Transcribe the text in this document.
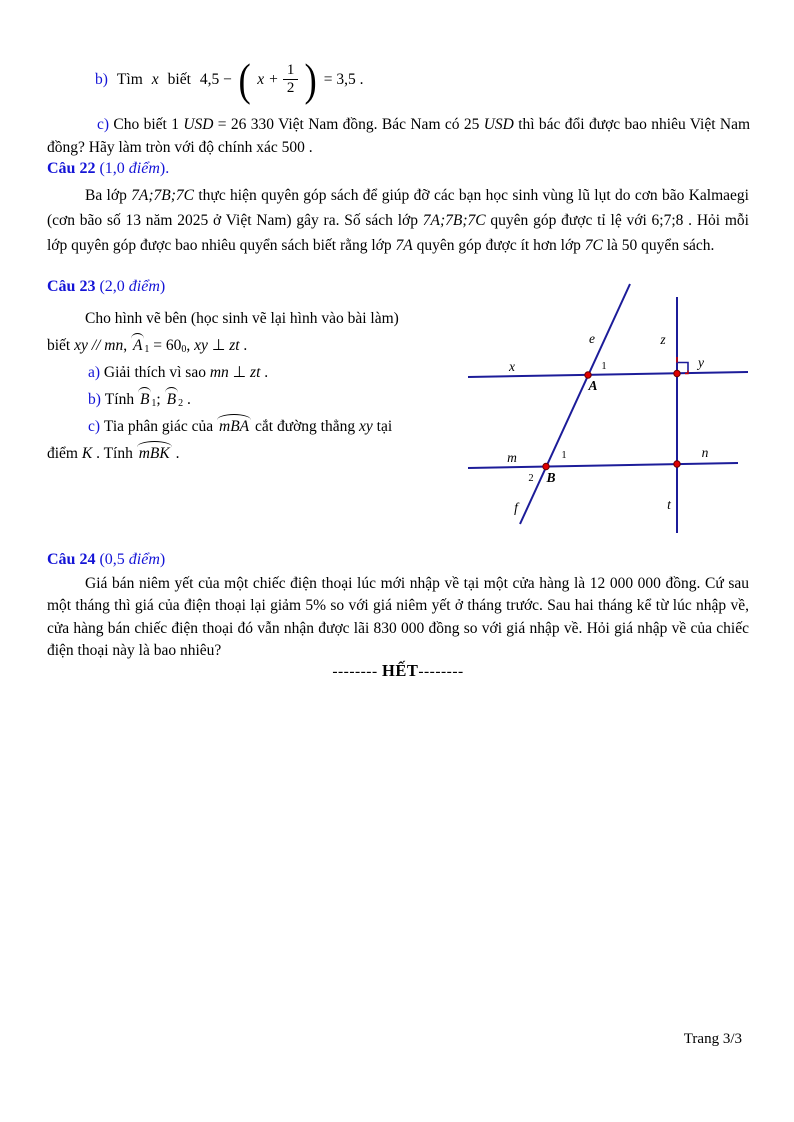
b) Tìm x biết 4,5 − ( $x + \frac{1}{2}$ ) = 3,5 .
c) Cho biết 1 USD = 26 330 Việt Nam đồng. Bác Nam có 25 USD thì bác đổi được bao nhiêu Việt Nam đồng? Hãy làm tròn với độ chính xác 500 .
Câu 22 (1,0 điểm).
Ba lớp 7A;7B;7C thực hiện quyên góp sách để giúp đỡ các bạn học sinh vùng lũ lụt do cơn bão Kalmaegi (cơn bão số 13 năm 2025 ở Việt Nam) gây ra. Số sách lớp 7A;7B;7C quyên góp được tỉ lệ với 6;7;8 . Hỏi mỗi lớp quyên góp được bao nhiêu quyển sách biết rằng lớp 7A quyên góp được ít hơn lớp 7C là 50 quyển sách.
Câu 23 (2,0 điểm)
Cho hình vẽ bên (học sinh vẽ lại hình vào bài làm)
biết xy // mn , $A_1 = 60_0$ , xy ⊥ zt .
a) Giải thích vì sao mn ⊥ zt .
b) Tính $B_1$ ; $B_2$ .
c) Tia phân giác của mBA cắt đường thẳng xy tại
điểm K . Tính mBK .
e	z
x	1	y
A
m	1	n
2 B
f	t
Câu 24 (0,5 điểm)
Giá bán niêm yết của một chiếc điện thoại lúc mới nhập về tại một cửa hàng là 12 000 000 đồng. Cứ sau một tháng thì giá của điện thoại lại giảm 5% so với giá niêm yết ở tháng trước. Sau hai tháng kể từ lúc nhập về, cửa hàng bán chiếc điện thoại đó vẫn nhận được lãi 830 000 đồng so với giá nhập về. Hỏi giá nhập về của chiếc điện thoại này là bao nhiêu?
-------- HẾT--------
Trang 3/3
